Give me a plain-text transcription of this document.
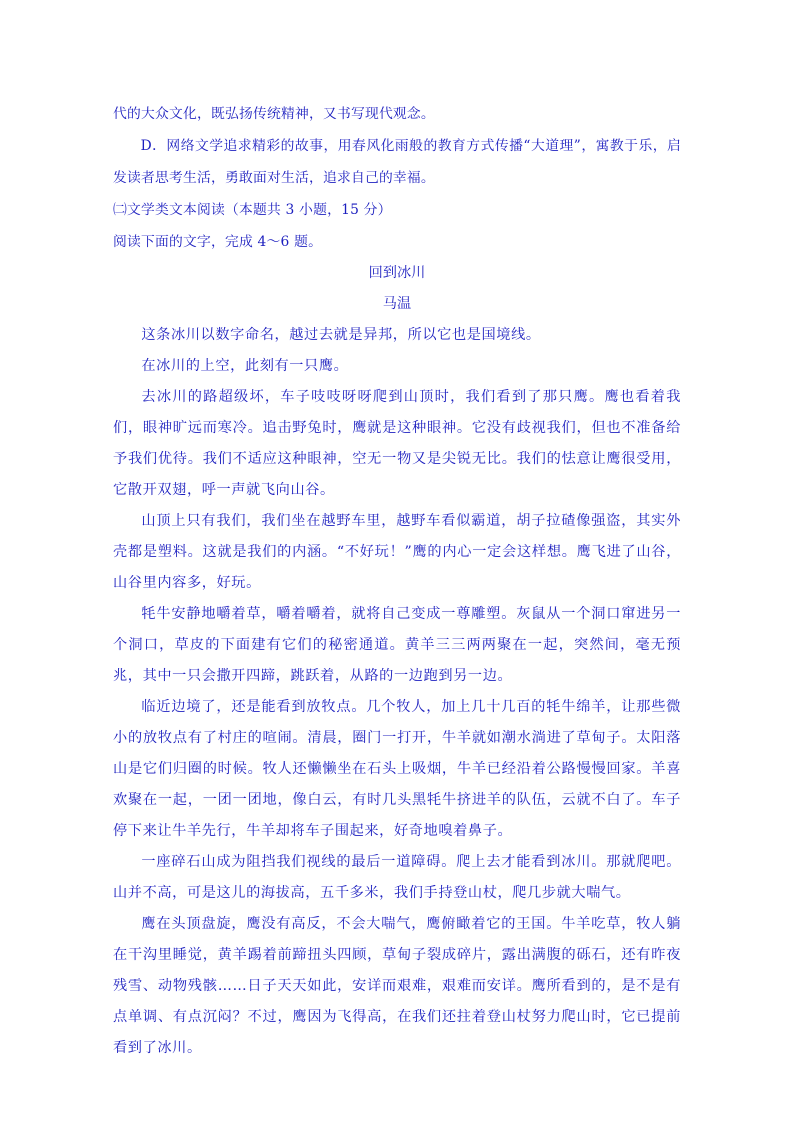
代的大众文化，既弘扬传统精神，又书写现代观念。

D．网络文学追求精彩的故事，用春风化雨般的教育方式传播“大道理”，寓教于乐，启发读者思考生活，勇敢面对生活，追求自己的幸福。

㈡文学类文本阅读（本题共 3 小题，15 分）

阅读下面的文字，完成 4～6 题。

回到冰川

马温

这条冰川以数字命名，越过去就是异邦，所以它也是国境线。

在冰川的上空，此刻有一只鹰。

去冰川的路超级坏，车子吱吱呀呀爬到山顶时，我们看到了那只鹰。鹰也看着我们，眼神旷远而寒冷。追击野兔时，鹰就是这种眼神。它没有歧视我们，但也不准备给予我们优待。我们不适应这种眼神，空无一物又是尖锐无比。我们的怯意让鹰很受用，它散开双翅，呼一声就飞向山谷。

山顶上只有我们，我们坐在越野车里，越野车看似霸道，胡子拉碴像强盗，其实外壳都是塑料。这就是我们的内涵。“不好玩！”鹰的内心一定会这样想。鹰飞进了山谷，山谷里内容多，好玩。

牦牛安静地嚼着草，嚼着嚼着，就将自己变成一尊雕塑。灰鼠从一个洞口窜进另一个洞口，草皮的下面建有它们的秘密通道。黄羊三三两两聚在一起，突然间，毫无预兆，其中一只会撒开四蹄，跳跃着，从路的一边跑到另一边。

临近边境了，还是能看到放牧点。几个牧人，加上几十几百的牦牛绵羊，让那些微小的放牧点有了村庄的喧闹。清晨，圈门一打开，牛羊就如潮水淌进了草甸子。太阳落山是它们归圈的时候。牧人还懒懒坐在石头上吸烟，牛羊已经沿着公路慢慢回家。羊喜欢聚在一起，一团一团地，像白云，有时几头黑牦牛挤进羊的队伍，云就不白了。车子停下来让牛羊先行，牛羊却将车子围起来，好奇地嗅着鼻子。

一座碎石山成为阻挡我们视线的最后一道障碍。爬上去才能看到冰川。那就爬吧。山并不高，可是这儿的海拔高，五千多米，我们手持登山杖，爬几步就大喘气。

鹰在头顶盘旋，鹰没有高反，不会大喘气，鹰俯瞰着它的王国。牛羊吃草，牧人躺在干沟里睡觉，黄羊踢着前蹄扭头四顾，草甸子裂成碎片，露出满腹的砾石，还有昨夜残雪、动物残骸……日子天天如此，安详而艰难，艰难而安详。鹰所看到的，是不是有点单调、有点沉闷？不过，鹰因为飞得高，在我们还拄着登山杖努力爬山时，它已提前看到了冰川。
